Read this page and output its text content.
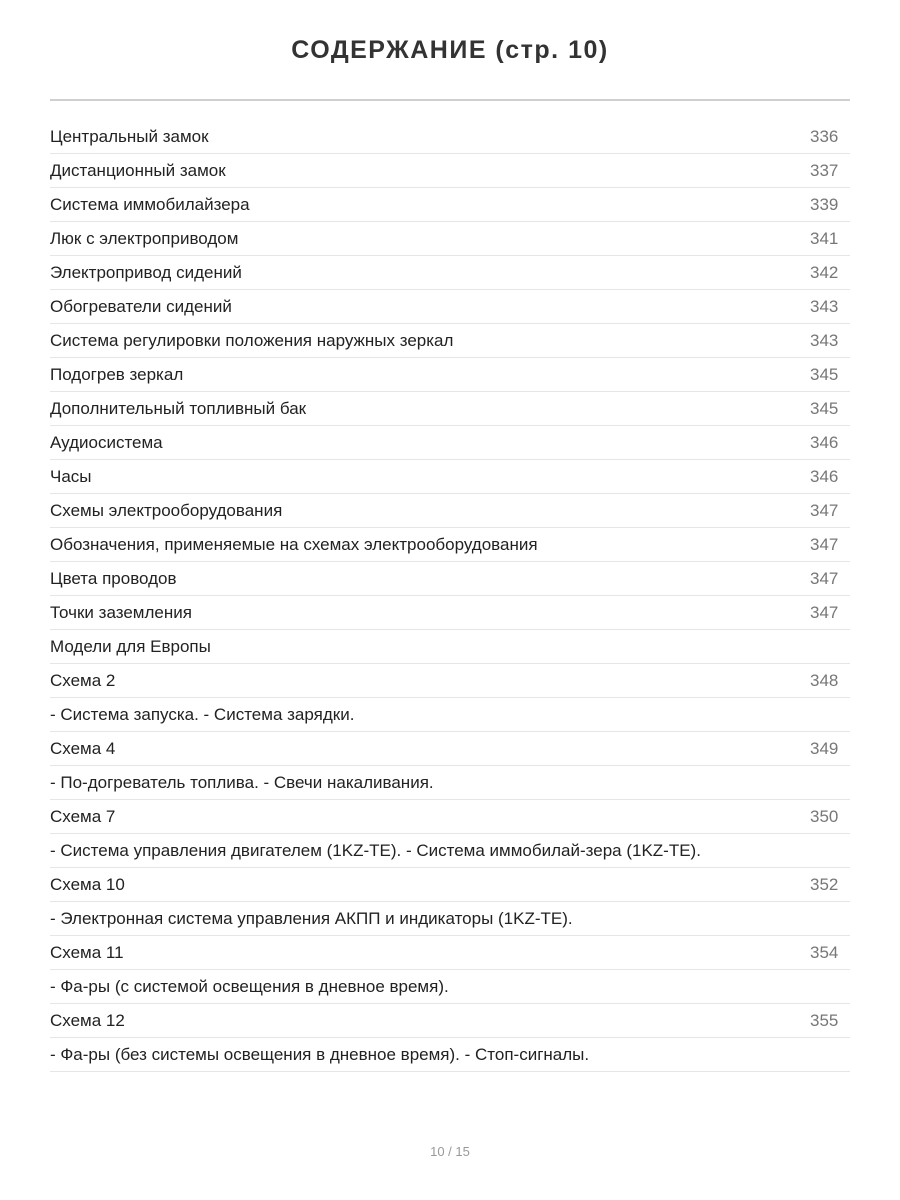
СОДЕРЖАНИЕ (стр. 10)
Центральный замок	336
Дистанционный замок	337
Система иммобилайзера	339
Люк с электроприводом	341
Электропривод сидений	342
Обогреватели сидений	343
Система регулировки положения наружных зеркал	343
Подогрев зеркал	345
Дополнительный топливный бак	345
Аудиосистема	346
Часы	346
Схемы электрооборудования	347
Обозначения, применяемые на схемах электрооборудования	347
Цвета проводов	347
Точки заземления	347
Модели для Европы
Схема 2	348
- Система запуска. - Система зарядки.
Схема 4	349
- По-догреватель топлива. - Свечи накаливания.
Схема 7	350
- Система управления двигателем (1KZ-TE). - Система иммобилай-зера (1KZ-TE).
Схема 10	352
- Электронная система управления АКПП и индикаторы (1KZ-TE).
Схема 11	354
- Фа-ры (с системой освещения в дневное время).
Схема 12	355
- Фа-ры (без системы освещения в дневное время). - Стоп-сигналы.
10 / 15
